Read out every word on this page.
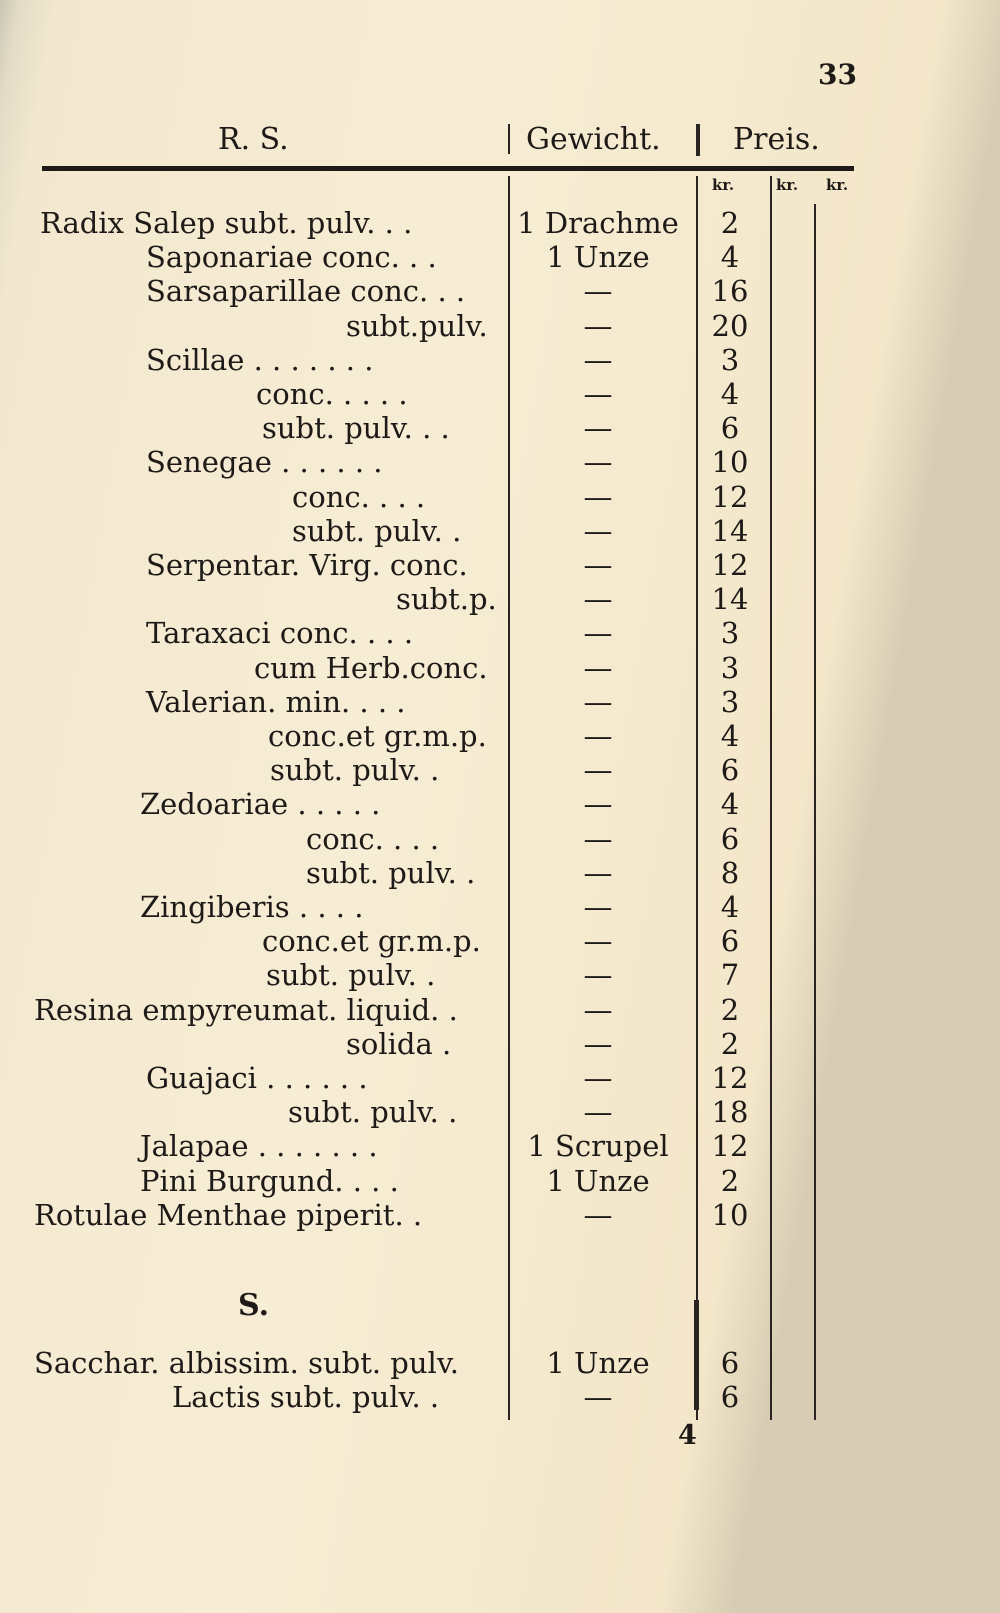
33
R. S.	Gewicht. Preis.
kr.	kr. kr.
Radix Salep subt. pulv. . .	1 Drachme	2
Saponariae conc. . .	1 Unze	4
Sarsaparillae conc. . .	—	16
subt.pulv.	—	20
Scillae . . . . . . .	—	3
conc. . . . .	—	4
subt. pulv. . .	—	6
Senegae . . . . . .	—	10
conc. . . .	—	12
subt. pulv. .	—	14
Serpentar. Virg. conc.	—	12
subt.p.	—	14
Taraxaci conc. . . .	—	3
cum Herb.conc.	—	3
Valerian. min. . . .	—	3
conc.et gr.m.p.	—	4
subt. pulv. .	—	6
Zedoariae . . . . .	—	4
conc. . . .	—	6
subt. pulv. .	—	8
Zingiberis . . . .	—	4
conc.et gr.m.p.	—	6
subt. pulv. .	—	7
Resina empyreumat. liquid. .	—	2
solida .	—	2
Guajaci . . . . . .	—	12
subt. pulv. .	—	18
Jalapae . . . . . . .	1 Scrupel	12
Pini Burgund. . . .	1 Unze	2
Rotulae Menthae piperit. .	—	10
Sacchar. albissim. subt. pulv.	1 Unze	6
Lactis subt. pulv. .	—	6
S.
4
